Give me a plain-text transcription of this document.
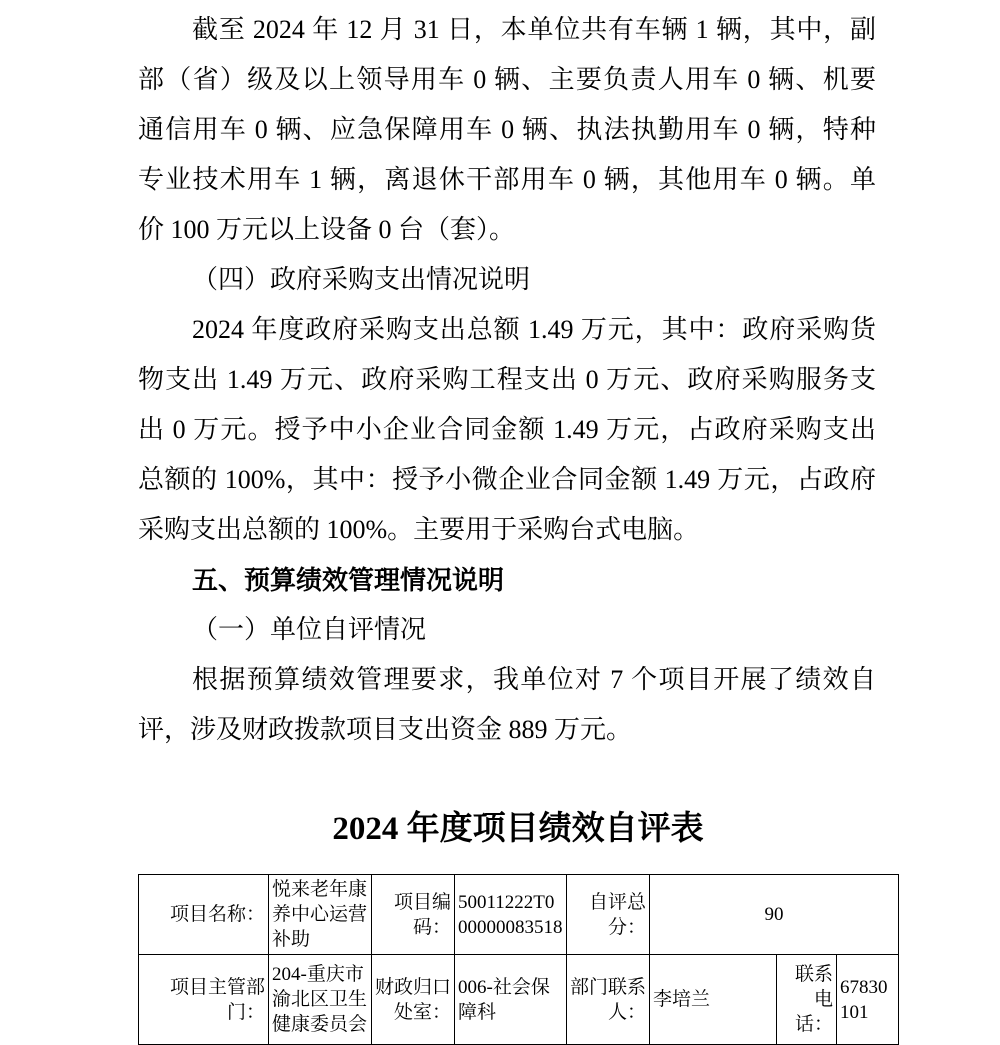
截至 2024 年 12 月 31 日，本单位共有车辆 1 辆，其中，副
部（省）级及以上领导用车 0 辆、主要负责人用车 0 辆、机要
通信用车 0 辆、应急保障用车 0 辆、执法执勤用车 0 辆，特种
专业技术用车 1 辆，离退休干部用车 0 辆，其他用车 0 辆。单
价 100 万元以上设备 0 台（套）。
（四）政府采购支出情况说明
2024 年度政府采购支出总额 1.49 万元，其中：政府采购货
物支出 1.49 万元、政府采购工程支出 0 万元、政府采购服务支
出 0 万元。授予中小企业合同金额 1.49 万元，占政府采购支出
总额的 100%，其中：授予小微企业合同金额 1.49 万元，占政府
采购支出总额的 100%。主要用于采购台式电脑。
五、预算绩效管理情况说明
（一）单位自评情况
根据预算绩效管理要求，我单位对 7 个项目开展了绩效自
评，涉及财政拨款项目支出资金 889 万元。
2024 年度项目绩效自评表
项目名称：	悦来老年康养中心运营补助	项目编码：	50011222T000000083518	自评总分：	90		
项目主管部门：	204-重庆市渝北区卫生健康委员会	财政归口处室：	006-社会保障科	部门联系人：	李培兰	联系电话：	67830101
